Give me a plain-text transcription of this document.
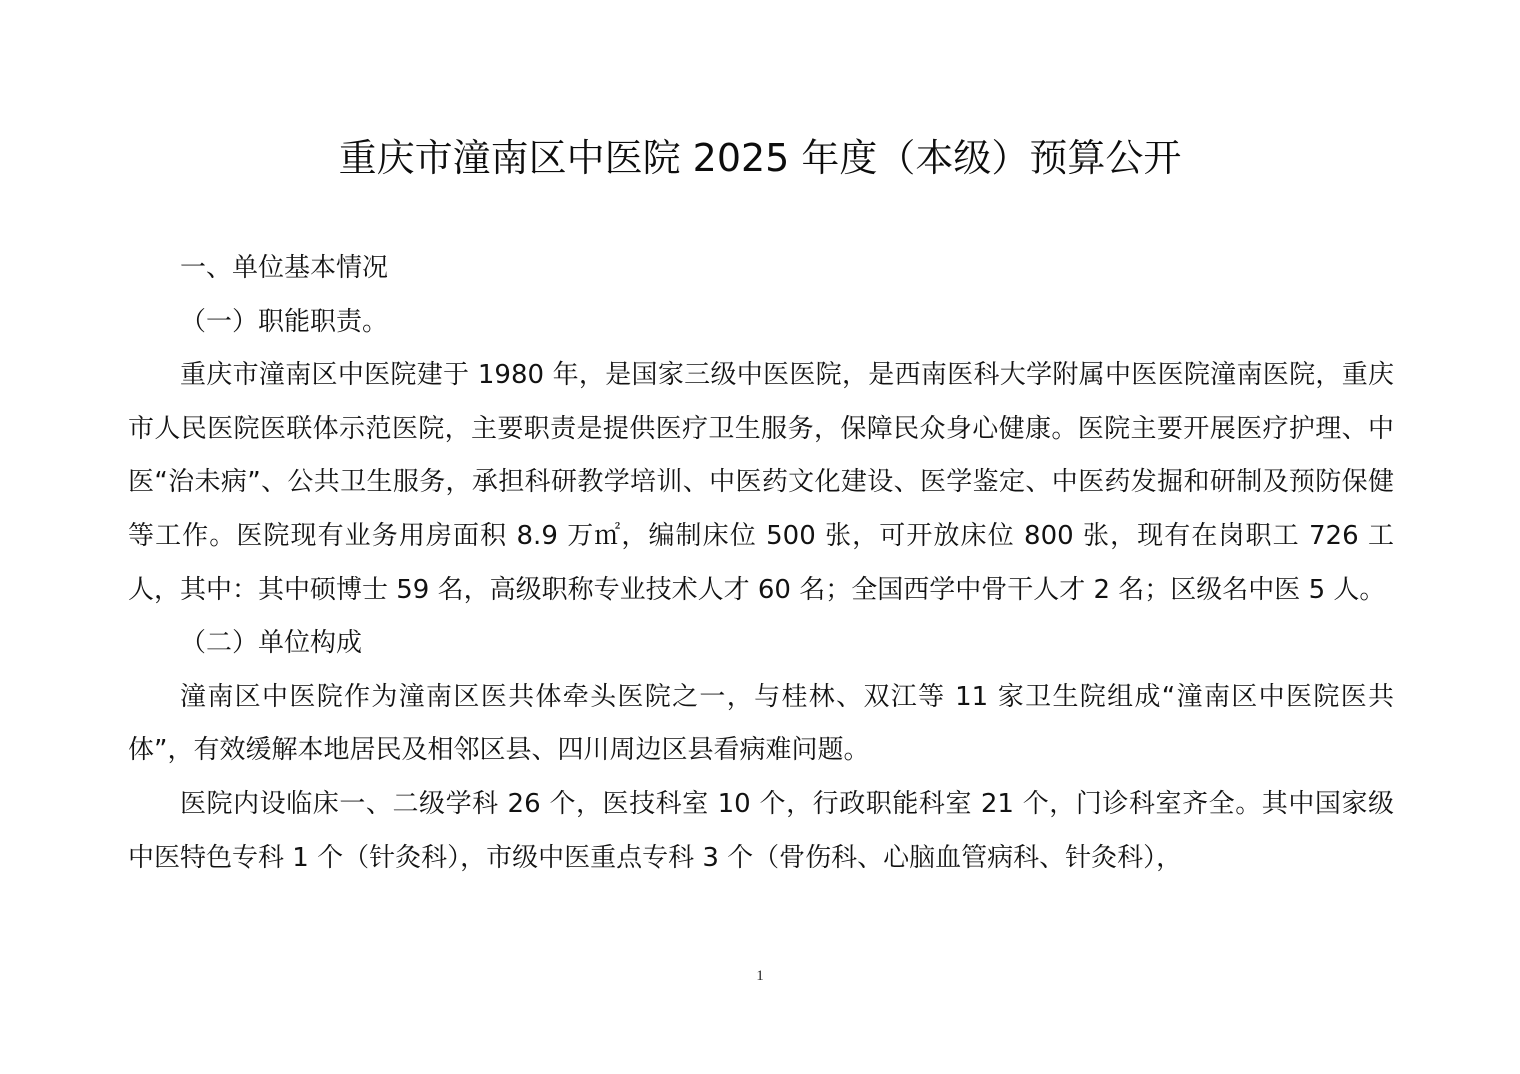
重庆市潼南区中医院 2025 年度（本级）预算公开

一、单位基本情况

（一）职能职责。

重庆市潼南区中医院建于 1980 年，是国家三级中医医院，是西南医科大学附属中医医院潼南医院，重庆市人民医院医联体示范医院，主要职责是提供医疗卫生服务，保障民众身心健康。医院主要开展医疗护理、中医“治未病”、公共卫生服务，承担科研教学培训、中医药文化建设、医学鉴定、中医药发掘和研制及预防保健等工作。医院现有业务用房面积 8.9 万㎡，编制床位 500 张，可开放床位 800 张，现有在岗职工 726 工人，其中：其中硕博士 59 名，高级职称专业技术人才 60 名；全国西学中骨干人才 2 名；区级名中医 5 人。

（二）单位构成

潼南区中医院作为潼南区医共体牵头医院之一，与桂林、双江等 11 家卫生院组成“潼南区中医院医共体”，有效缓解本地居民及相邻区县、四川周边区县看病难问题。

医院内设临床一、二级学科 26 个，医技科室 10 个，行政职能科室 21 个，门诊科室齐全。其中国家级中医特色专科 1 个（针灸科），市级中医重点专科 3 个（骨伤科、心脑血管病科、针灸科），

1
